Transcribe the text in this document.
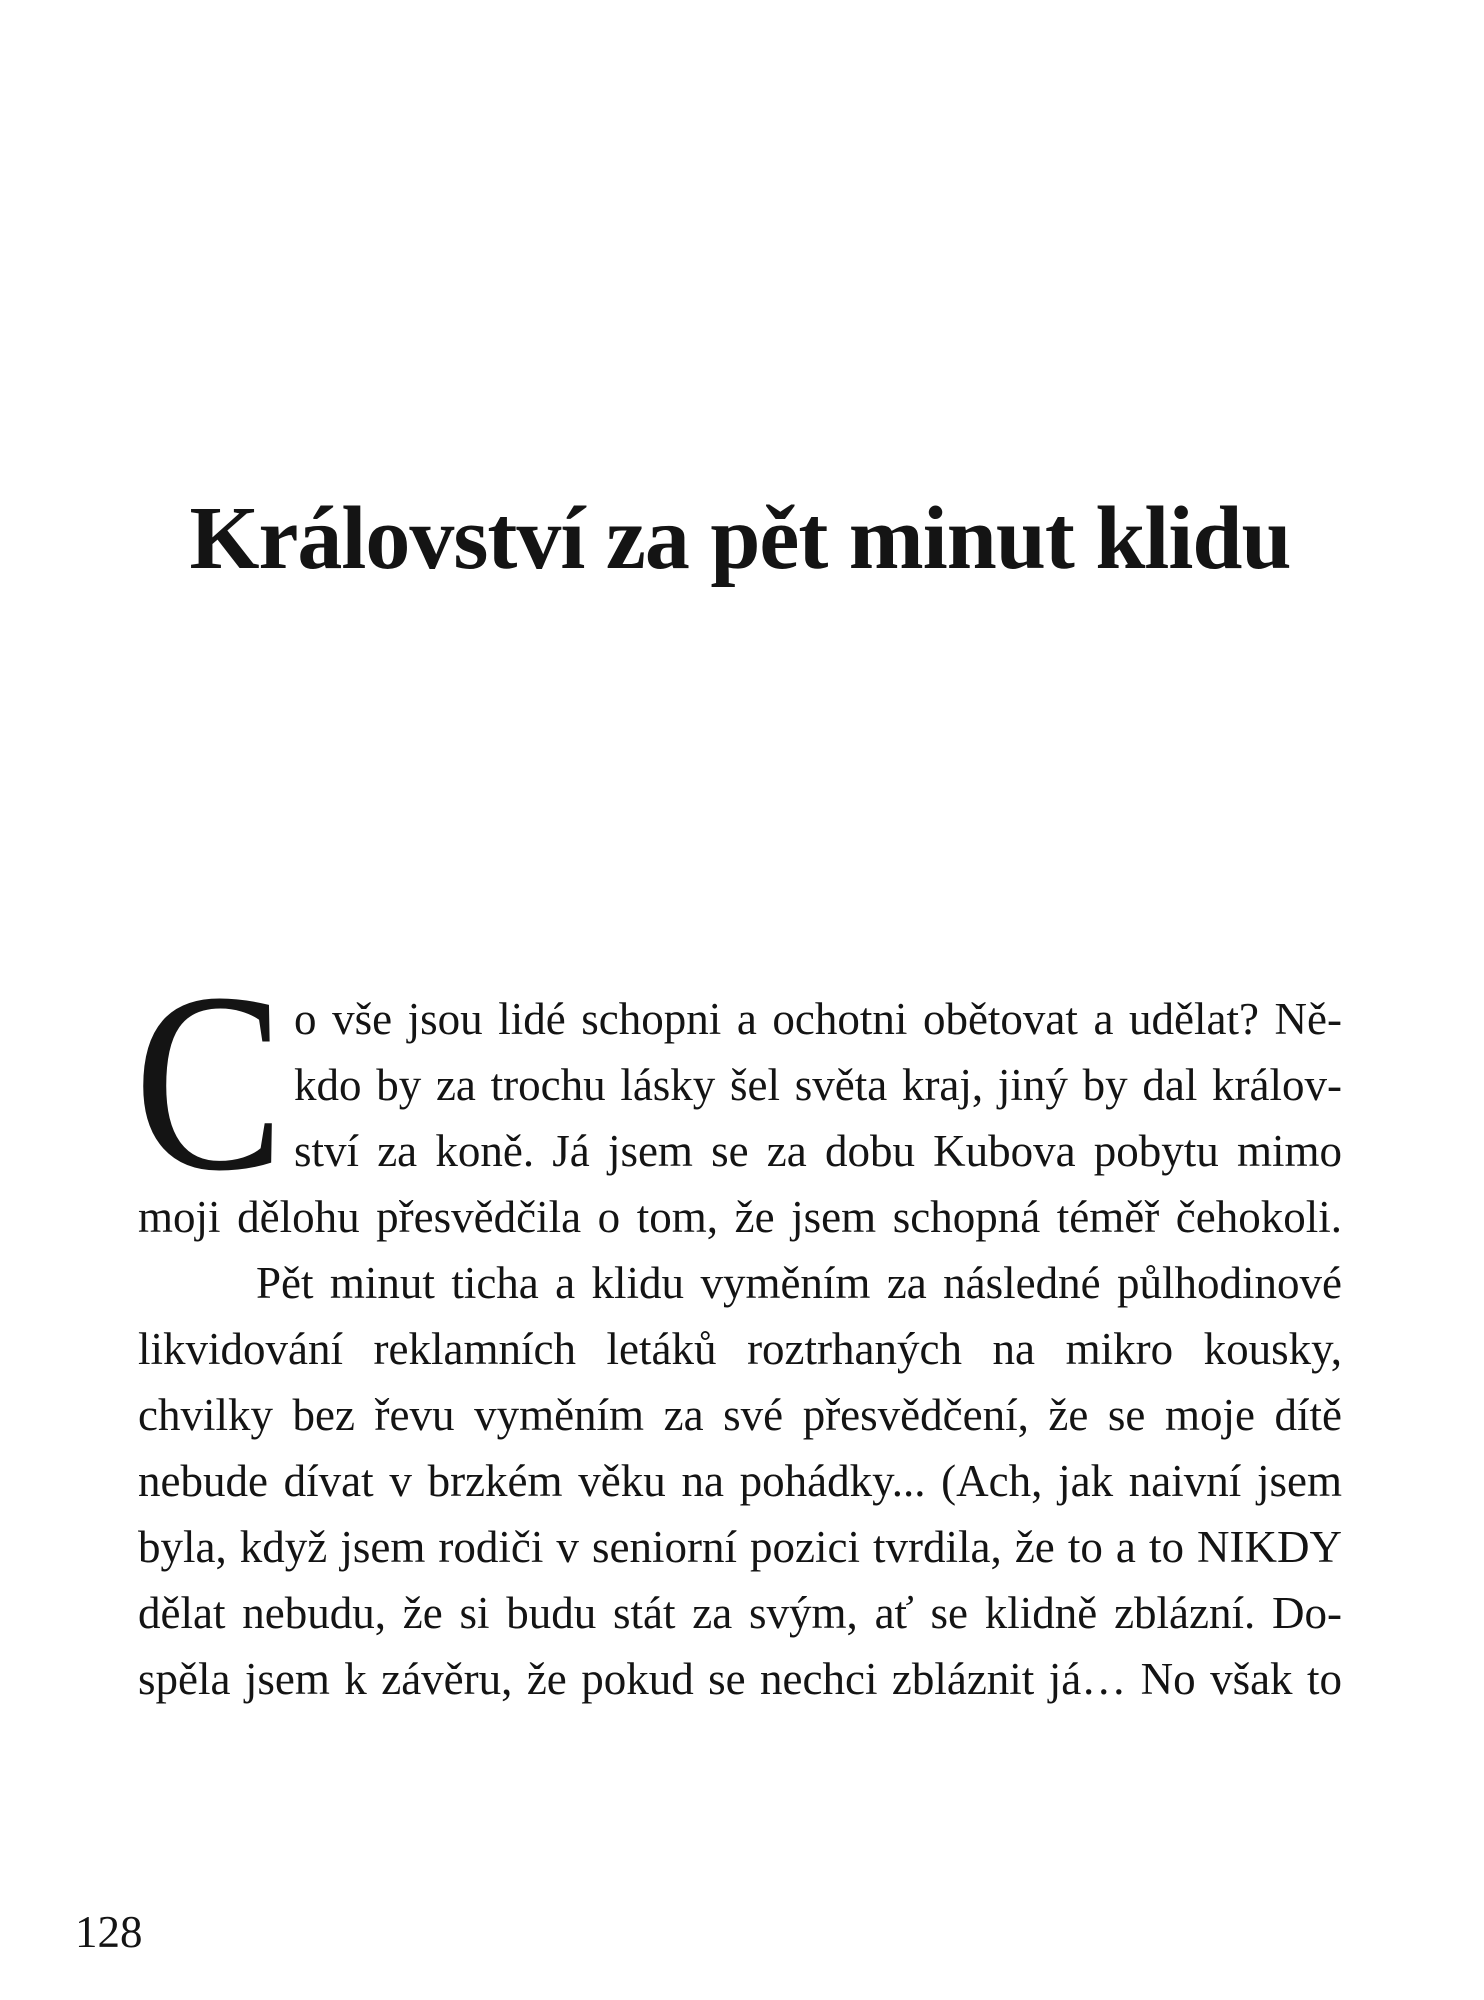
Království za pět minut klidu
C o vše jsou lidé schopni a ochotni obětovat a udělat? Ně-
kdo by za trochu lásky šel světa kraj, jiný by dal králov-
ství za koně. Já jsem se za dobu Kubova pobytu mimo
moji dělohu přesvědčila o tom, že jsem schopná téměř čehokoli.
Pět minut ticha a klidu vyměním za následné půlhodinové
likvidování reklamních letáků roztrhaných na mikro kousky,
chvilky bez řevu vyměním za své přesvědčení, že se moje dítě
nebude dívat v brzkém věku na pohádky... (Ach, jak naivní jsem
byla, když jsem rodiči v seniorní pozici tvrdila, že to a to NIKDY
dělat nebudu, že si budu stát za svým, ať se klidně zblázní. Do-
spěla jsem k závěru, že pokud se nechci zbláznit já… No však to
128
